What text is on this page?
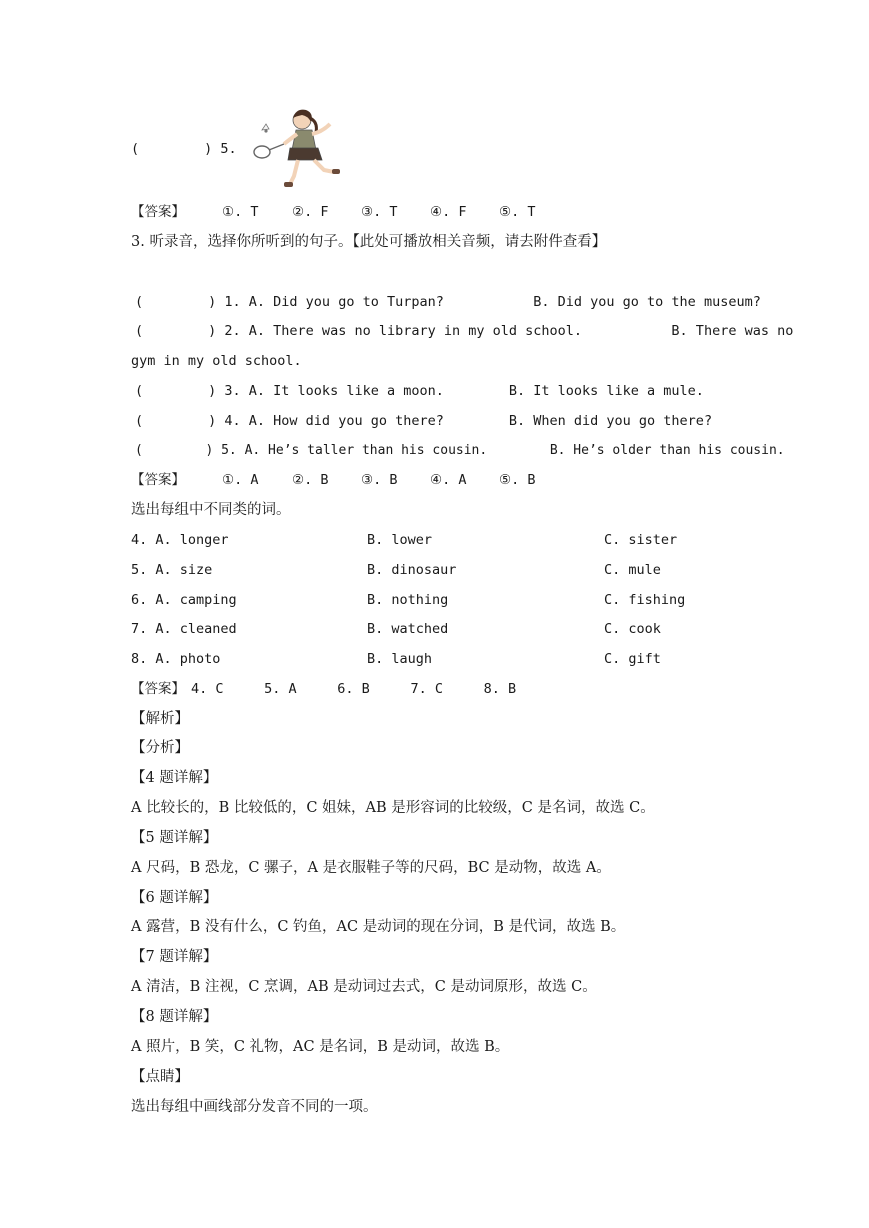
(        ) 5.
【答案】	①. T ②. F ③. T ④. F ⑤. T
3. 听录音，选择你所听到的句子。【此处可播放相关音频，请去附件查看】
(        ) 1. A. Did you go to Turpan?           B. Did you go to the museum?
(        ) 2. A. There was no library in my old school.           B. There was no
gym in my old school.
(        ) 3. A. It looks like a moon.        B. It looks like a mule.
(        ) 4. A. How did you go there?        B. When did you go there?
(        ) 5. A. He’s taller than his cousin.        B. He’s older than his cousin.
【答案】	①. A ②. B ③. B ④. A ⑤. B
选出每组中不同类的词。
4. A. longer	B. lower	C. sister
5. A. size	B. dinosaur	C. mule
6. A. camping	B. nothing	C. fishing
7. A. cleaned	B. watched	C. cook
8. A. photo	B. laugh	C. gift
【答案】 4. C     5. A     6. B     7. C     8. B
【解析】
【分析】
【4 题详解】
A 比较长的，B 比较低的，C 姐妹，AB 是形容词的比较级，C 是名词，故选 C。
【5 题详解】
A 尺码，B 恐龙，C 骡子，A 是衣服鞋子等的尺码，BC 是动物，故选 A。
【6 题详解】
A 露营，B 没有什么，C 钓鱼，AC 是动词的现在分词，B 是代词，故选 B。
【7 题详解】
A 清洁，B 注视，C 烹调，AB 是动词过去式，C 是动词原形，故选 C。
【8 题详解】
A 照片，B 笑，C 礼物，AC 是名词，B 是动词，故选 B。
【点睛】
选出每组中画线部分发音不同的一项。
